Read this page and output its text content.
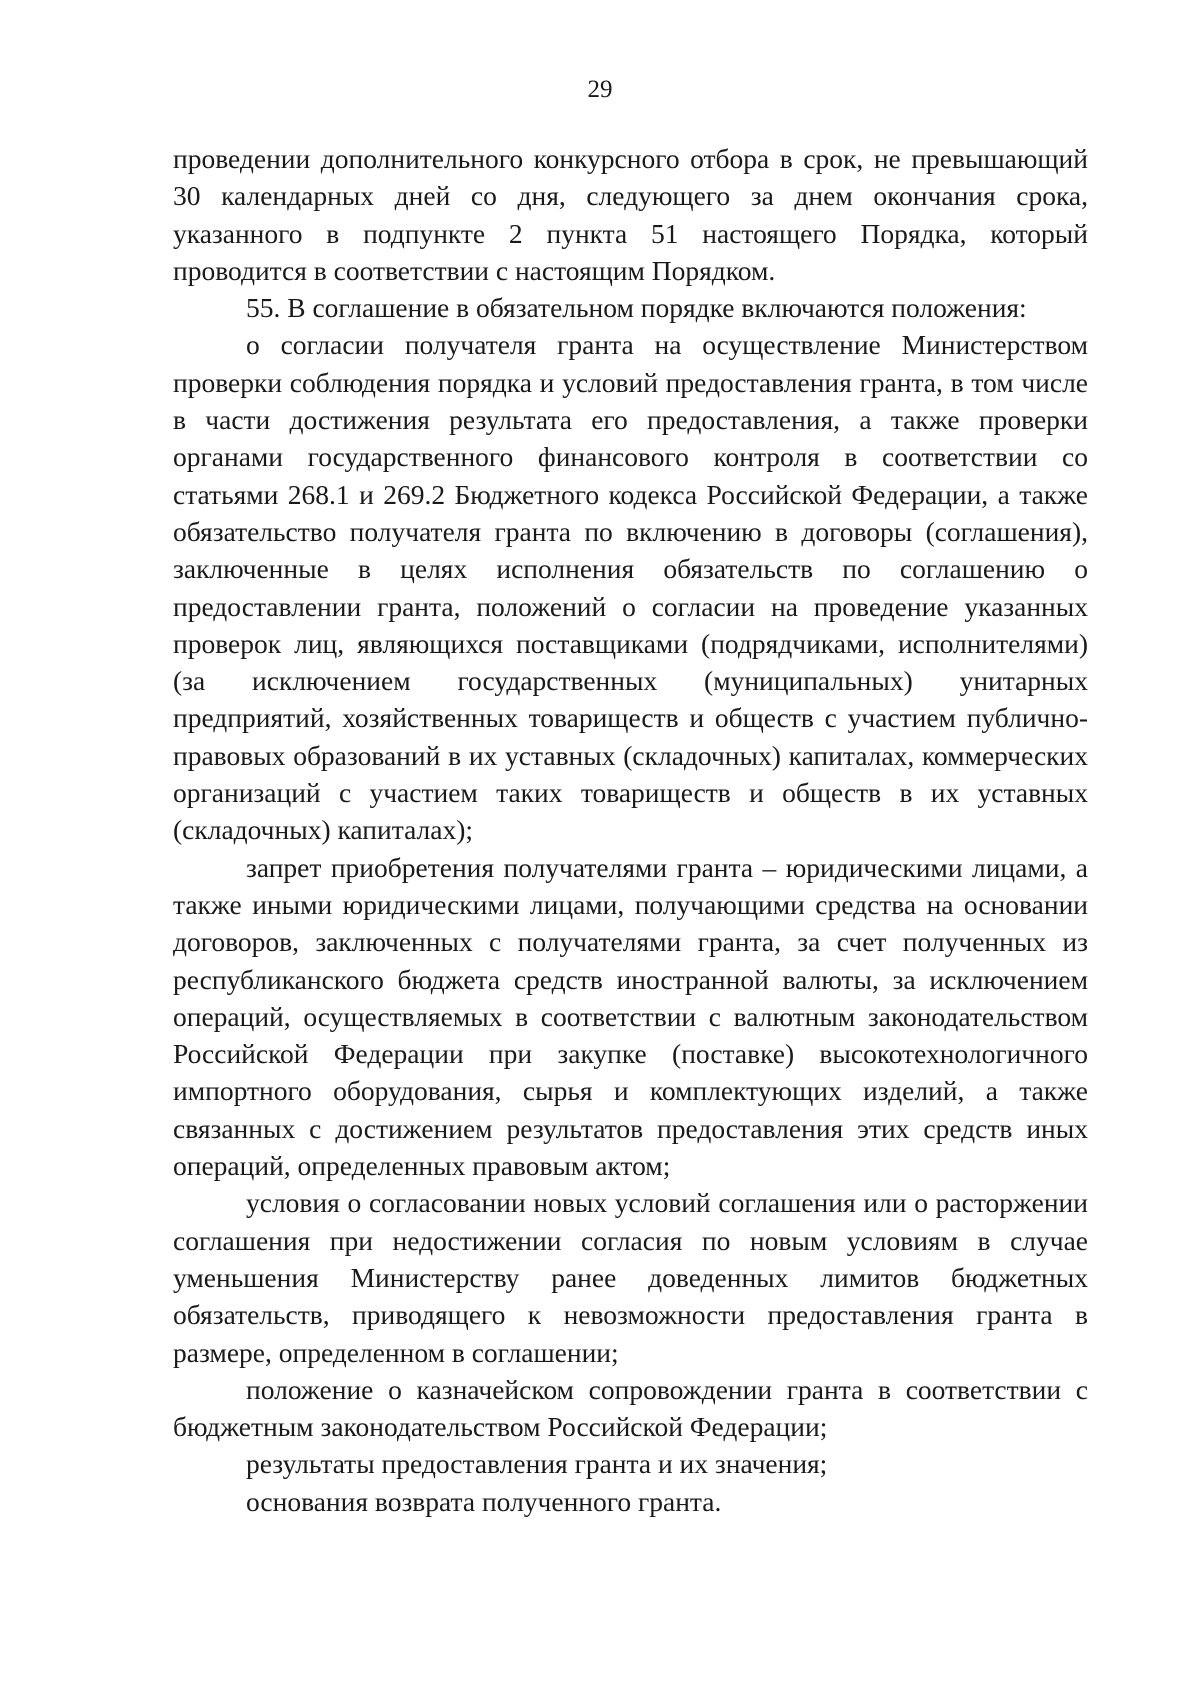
29

проведении дополнительного конкурсного отбора в срок, не превышающий 30 календарных дней со дня, следующего за днем окончания срока, указанного в подпункте 2 пункта 51 настоящего Порядка, который проводится в соответствии с настоящим Порядком.

55. В соглашение в обязательном порядке включаются положения:

о согласии получателя гранта на осуществление Министерством проверки соблюдения порядка и условий предоставления гранта, в том числе в части достижения результата его предоставления, а также проверки органами государственного финансового контроля в соответствии со статьями 268.1 и 269.2 Бюджетного кодекса Российской Федерации, а также обязательство получателя гранта по включению в договоры (соглашения), заключенные в целях исполнения обязательств по соглашению о предоставлении гранта, положений о согласии на проведение указанных проверок лиц, являющихся поставщиками (подрядчиками, исполнителями) (за исключением государственных (муниципальных) унитарных предприятий, хозяйственных товариществ и обществ с участием публично-правовых образований в их уставных (складочных) капиталах, коммерческих организаций с участием таких товариществ и обществ в их уставных (складочных) капиталах);

запрет приобретения получателями гранта – юридическими лицами, а также иными юридическими лицами, получающими средства на основании договоров, заключенных с получателями гранта, за счет полученных из республиканского бюджета средств иностранной валюты, за исключением операций, осуществляемых в соответствии с валютным законодательством Российской Федерации при закупке (поставке) высокотехнологичного импортного оборудования, сырья и комплектующих изделий, а также связанных с достижением результатов предоставления этих средств иных операций, определенных правовым актом;

условия о согласовании новых условий соглашения или о расторжении соглашения при недостижении согласия по новым условиям в случае уменьшения Министерству ранее доведенных лимитов бюджетных обязательств, приводящего к невозможности предоставления гранта в размере, определенном в соглашении;

положение о казначейском сопровождении гранта в соответствии с бюджетным законодательством Российской Федерации;

результаты предоставления гранта и их значения;

основания возврата полученного гранта.
